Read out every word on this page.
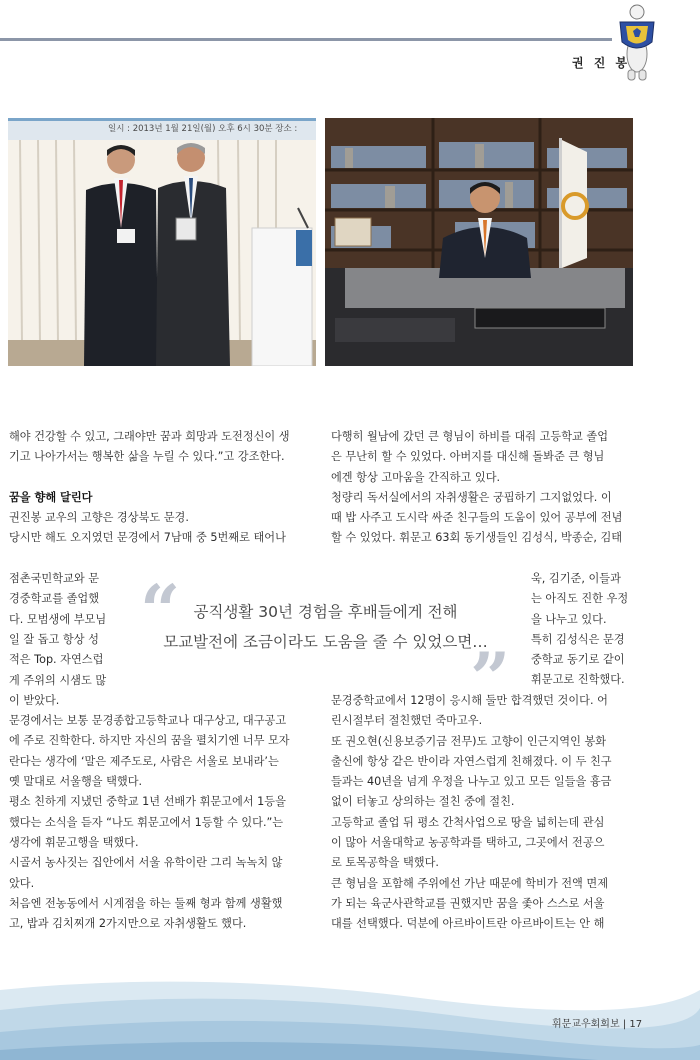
권 진 봉
일시 : 2013년 1월 21일(월) 오후 6시 30분 장소 :

해야 건강할 수 있고, 그래야만 꿈과 희망과 도전정신이 생

기고 나아가서는 행복한 삶을 누릴 수 있다.”고 강조한다.

꿈을 향해 달린다

권진봉 교우의 고향은 경상북도 문경.

당시만 해도 오지였던 문경에서 7남매 중 5번째로 태어나

점촌국민학교와 문

경중학교를 졸업했

다. 모범생에 부모님

일 잘 돕고 항상 성

적은 Top. 자연스럽

게 주위의 시샘도 많

이 받았다.

문경에서는 보통 문경종합고등학교나 대구상고, 대구공고

에 주로 진학한다. 하지만 자신의 꿈을 펼치기엔 너무 모자

란다는 생각에 ‘말은 제주도로, 사람은 서울로 보내라’는

옛 말대로 서울행을 택했다.

평소 친하게 지냈던 중학교 1년 선배가 휘문고에서 1등을

했다는 소식을 듣자 “나도 휘문고에서 1등할 수 있다.”는

생각에 휘문고행을 택했다.

시골서 농사짓는 집안에서 서울 유학이란 그리 녹녹치 않

았다.

처음엔 전농동에서 시계점을 하는 둘째 형과 함께 생활했

고, 밥과 김치찌개 2가지만으로 자취생활도 했다.

다행히 월남에 갔던 큰 형님이 하비를 대줘 고등학교 졸업

은 무난히 할 수 있었다. 아버지를 대신해 돌봐준 큰 형님

에겐 항상 고마움을 간직하고 있다.

청량리 독서실에서의 자취생활은 궁핍하기 그지없었다. 이

때 밥 사주고 도시락 싸준 친구들의 도움이 있어 공부에 전념

할 수 있었다. 휘문고 63회 동기생들인 김성식, 박종순, 김태

욱, 김기준, 이들과

는 아직도 진한 우정

을 나누고 있다.

특히 김성식은 문경

중학교 동기로 같이

휘문고로 진학했다.

문경중학교에서 12명이 응시해 둘만 합격했던 것이다. 어

린시절부터 절친했던 죽마고우.

또 권오현(신용보증기금 전무)도 고향이 인근지역인 봉화

출신에 항상 같은 반이라 자연스럽게 친해졌다. 이 두 친구

들과는 40년을 넘게 우정을 나누고 있고 모든 일들을 흉금

없이 터놓고 상의하는 절친 중에 절친.

고등학교 졸업 뒤 평소 간척사업으로 땅을 넓히는데 관심

이 많아 서울대학교 농공학과를 택하고, 그곳에서 전공으

로 토목공학을 택했다.

큰 형님을 포함해 주위에선 가난 때문에 학비가 전액 면제

가 되는 육군사관학교를 권했지만 꿈을 좇아 스스로 서울

대를 선택했다. 덕분에 아르바이트란 아르바이트는 안 해

“ 공직생활 30년 경험을 후배들에게 전해
모교발전에 조금이라도 도움을 줄 수 있었으면…
”
휘문교우회회보 | 17
